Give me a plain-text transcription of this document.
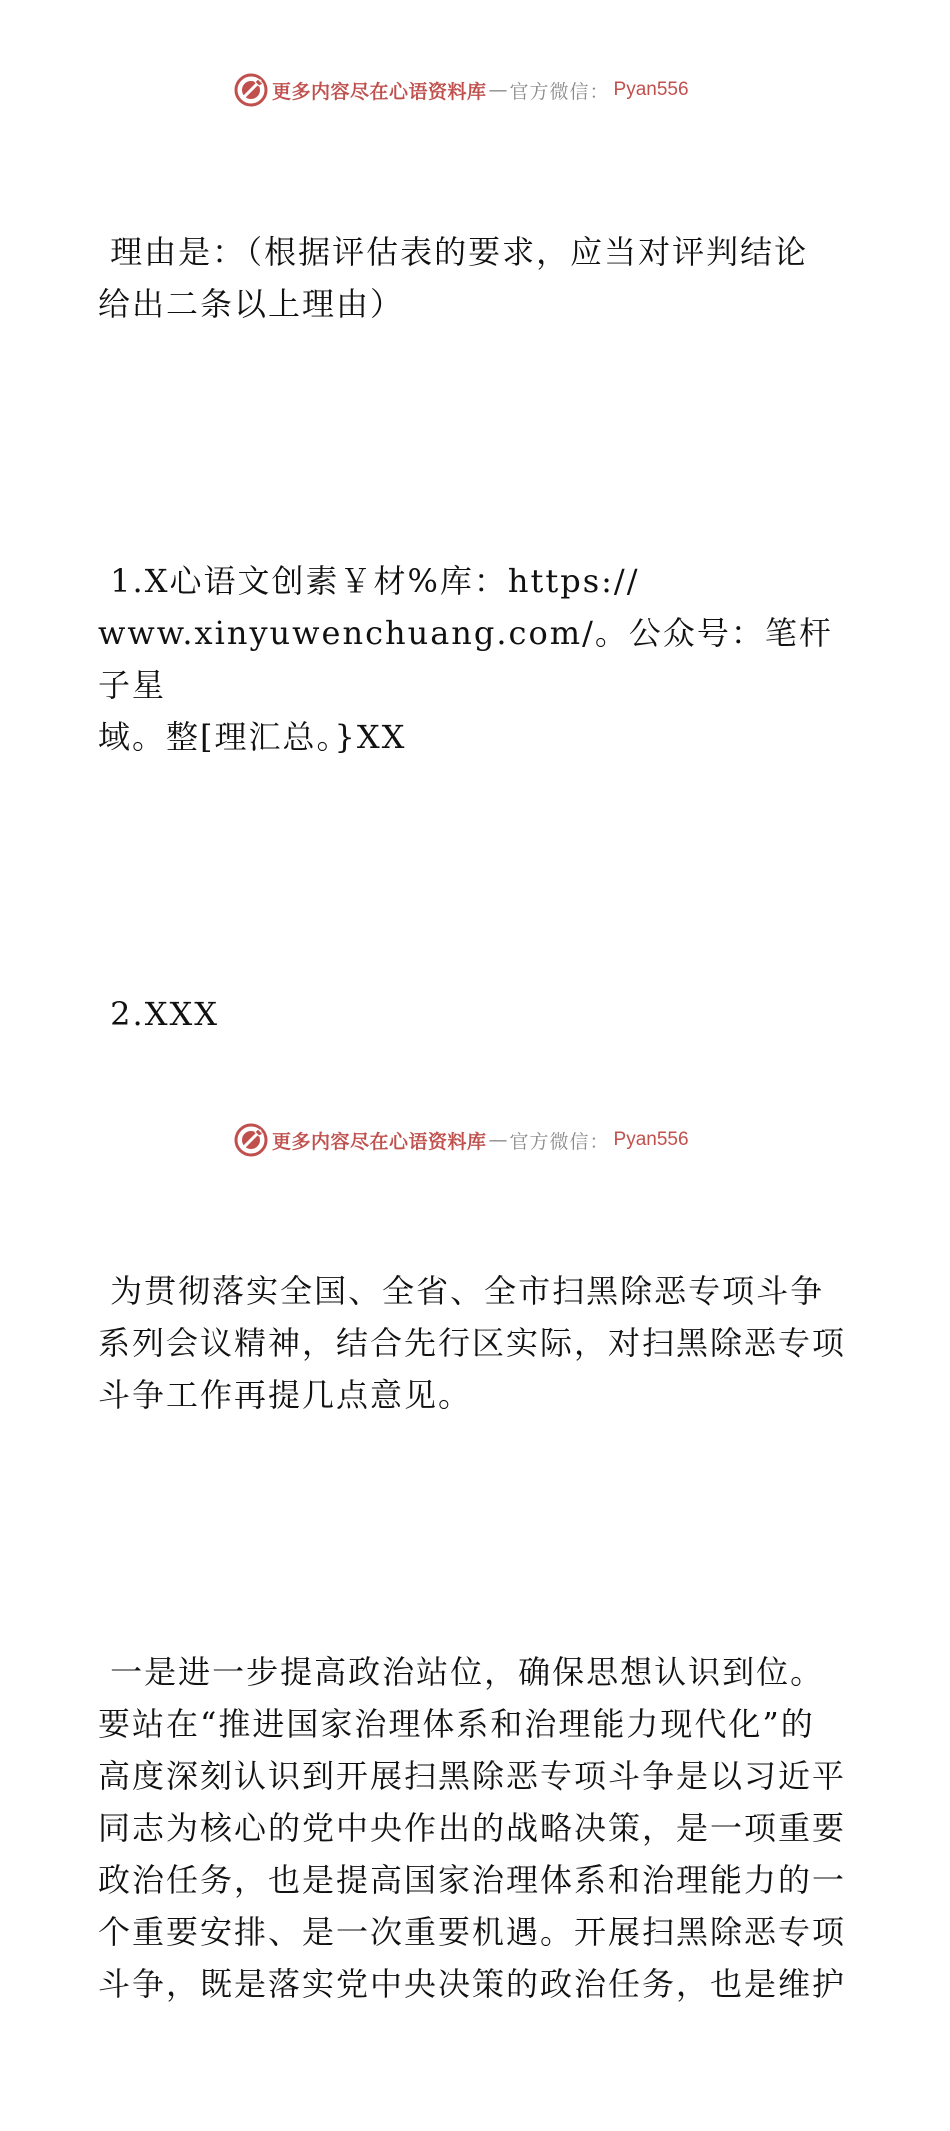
更多内容尽在心语资料库 — 官方微信： Pyan556

理由是：（根据评估表的要求，应当对评判结论
给出二条以上理由）

1.X心语文创素￥材%库：https://
www.xinyuwenchuang.com/。公众号：笔杆子星
域。整[理汇总。}XX

2.XXX

为贯彻落实全国、全省、全市扫黑除恶专项斗争
系列会议精神，结合先行区实际，对扫黑除恶专项
斗争工作再提几点意见。

一是进一步提高政治站位，确保思想认识到位。
要站在“推进国家治理体系和治理能力现代化”的
高度深刻认识到开展扫黑除恶专项斗争是以习近平
同志为核心的党中央作出的战略决策，是一项重要
政治任务，也是提高国家治理体系和治理能力的一
个重要安排、是一次重要机遇。开展扫黑除恶专项
斗争，既是落实党中央决策的政治任务，也是维护

更多内容尽在心语资料库 — 官方微信： Pyan556
